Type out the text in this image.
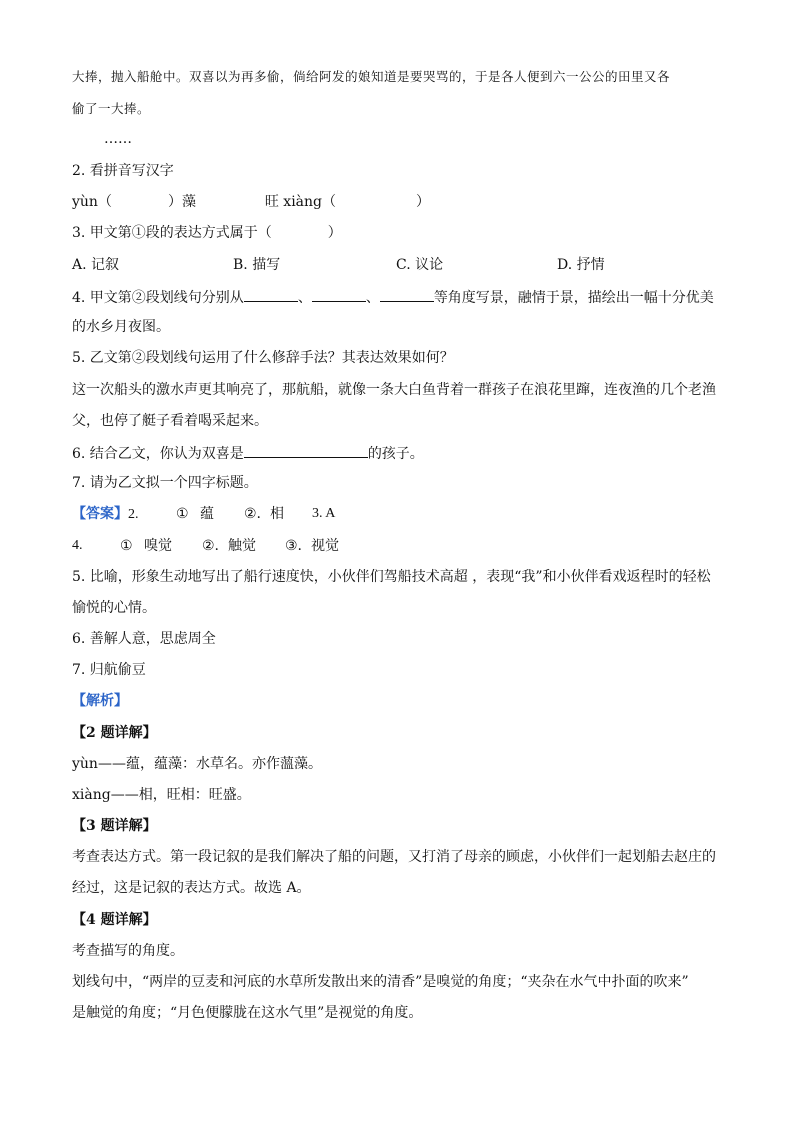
大捧，抛入船舱中。双喜以为再多偷，倘给阿发的娘知道是要哭骂的，于是各人便到六一公公的田里又各
偷了一大捧。
……
2. 看拼音写汉字
yùn（	）藻	旺 xiàng（	）
3. 甲文第①段的表达方式属于（　　　　）
A. 记叙	B. 描写	C. 议论	D. 抒情
4. 甲文第②段划线句分别从	、	、	等角度写景，融情于景，描绘出一幅十分优美
的水乡月夜图。
5. 乙文第②段划线句运用了什么修辞手法？其表达效果如何？
这一次船头的激水声更其响亮了，那航船，就像一条大白鱼背着一群孩子在浪花里蹿，连夜渔的几个老渔
父，也停了艇子看着喝采起来。
6. 结合乙文，你认为双喜是	的孩子。
7. 请为乙文拟一个四字标题。
【答案】2.	① 蕴 ②. 相 3. A
4.	① 嗅觉 ②. 触觉 ③. 视觉
5. 比喻，形象生动地写出了船行速度快，小伙伴们驾船技术高超 ，表现“我”和小伙伴看戏返程时的轻松
愉悦的心情。
6. 善解人意，思虑周全
7. 归航偷豆
【解析】
【2 题详解】
yùn——蕴，蕴藻：水草名。亦作薀藻。
xiàng——相，旺相：旺盛。
【3 题详解】
考查表达方式。第一段记叙的是我们解决了船的问题，又打消了母亲的顾虑，小伙伴们一起划船去赵庄的
经过，这是记叙的表达方式。故选 A。
【4 题详解】
考查描写的角度。
划线句中，“两岸的豆麦和河底的水草所发散出来的清香”是嗅觉的角度；“夹杂在水气中扑面的吹来”
是触觉的角度；“月色便朦胧在这水气里”是视觉的角度。
